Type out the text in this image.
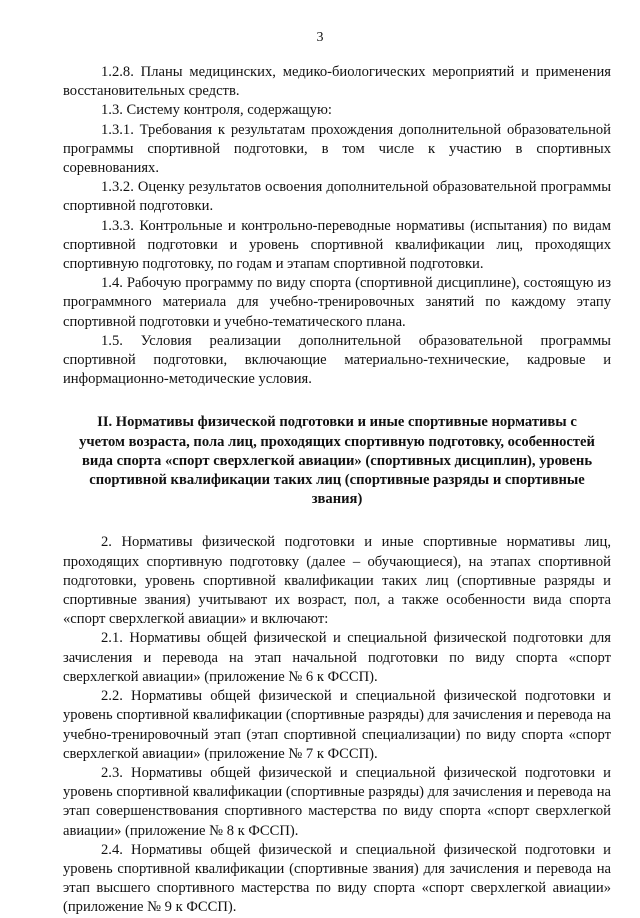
3

1.2.8. Планы медицинских, медико-биологических мероприятий и применения восстановительных средств.

1.3. Систему контроля, содержащую:

1.3.1. Требования к результатам прохождения дополнительной образовательной программы спортивной подготовки, в том числе к участию в спортивных соревнованиях.

1.3.2. Оценку результатов освоения дополнительной образовательной программы спортивной подготовки.

1.3.3. Контрольные и контрольно-переводные нормативы (испытания) по видам спортивной подготовки и уровень спортивной квалификации лиц, проходящих спортивную подготовку, по годам и этапам спортивной подготовки.

1.4. Рабочую программу по виду спорта (спортивной дисциплине), состоящую из программного материала для учебно-тренировочных занятий по каждому этапу спортивной подготовки и учебно-тематического плана.

1.5. Условия реализации дополнительной образовательной программы спортивной подготовки, включающие материально-технические, кадровые и информационно-методические условия.

II. Нормативы физической подготовки и иные спортивные нормативы с учетом возраста, пола лиц, проходящих спортивную подготовку, особенностей вида спорта «спорт сверхлегкой авиации» (спортивных дисциплин), уровень спортивной квалификации таких лиц (спортивные разряды и спортивные звания)

2. Нормативы физической подготовки и иные спортивные нормативы лиц, проходящих спортивную подготовку (далее – обучающиеся), на этапах спортивной подготовки, уровень спортивной квалификации таких лиц (спортивные разряды и спортивные звания) учитывают их возраст, пол, а также особенности вида спорта «спорт сверхлегкой авиации» и включают:

2.1. Нормативы общей физической и специальной физической подготовки для зачисления и перевода на этап начальной подготовки по виду спорта «спорт сверхлегкой авиации» (приложение № 6 к ФССП).

2.2. Нормативы общей физической и специальной физической подготовки и уровень спортивной квалификации (спортивные разряды) для зачисления и перевода на учебно-тренировочный этап (этап спортивной специализации) по виду спорта «спорт сверхлегкой авиации» (приложение № 7 к ФССП).

2.3. Нормативы общей физической и специальной физической подготовки и уровень спортивной квалификации (спортивные разряды) для зачисления и перевода на этап совершенствования спортивного мастерства по виду спорта «спорт сверхлегкой авиации» (приложение № 8 к ФССП).

2.4. Нормативы общей физической и специальной физической подготовки и уровень спортивной квалификации (спортивные звания) для зачисления и перевода на этап высшего спортивного мастерства по виду спорта «спорт сверхлегкой авиации» (приложение № 9 к ФССП).
